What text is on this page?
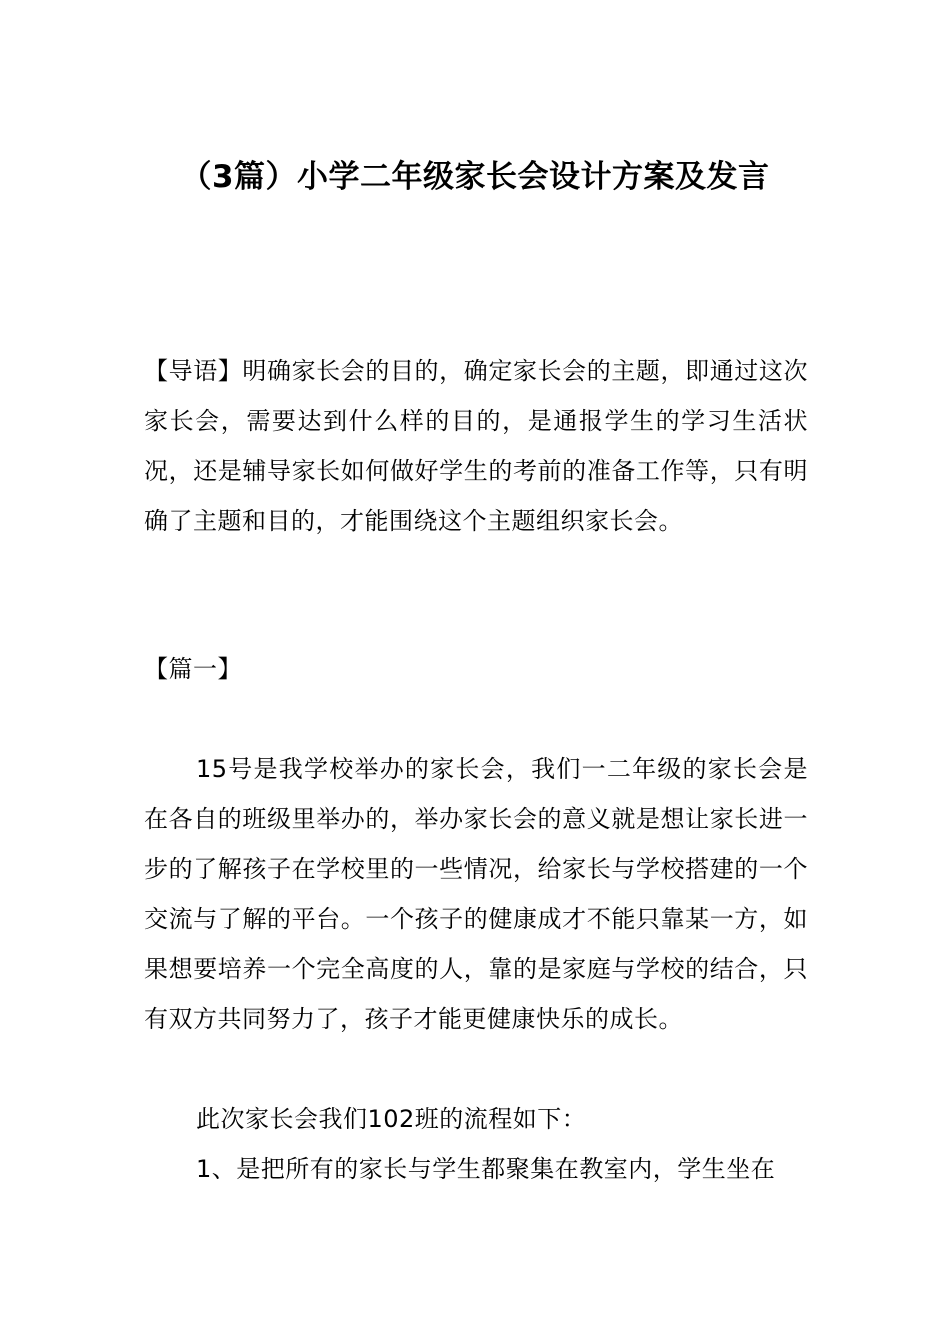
（3篇）小学二年级家长会设计方案及发言
【导语】明确家长会的目的，确定家长会的主题，即通过这次家长会，需要达到什么样的目的，是通报学生的学习生活状况，还是辅导家长如何做好学生的考前的准备工作等，只有明确了主题和目的，才能围绕这个主题组织家长会。
【篇一】
15号是我学校举办的家长会，我们一二年级的家长会是在各自的班级里举办的，举办家长会的意义就是想让家长进一步的了解孩子在学校里的一些情况，给家长与学校搭建的一个交流与了解的平台。一个孩子的健康成才不能只靠某一方，如果想要培养一个完全高度的人，靠的是家庭与学校的结合，只有双方共同努力了，孩子才能更健康快乐的成长。
此次家长会我们102班的流程如下：
1、是把所有的家长与学生都聚集在教室内，学生坐在
